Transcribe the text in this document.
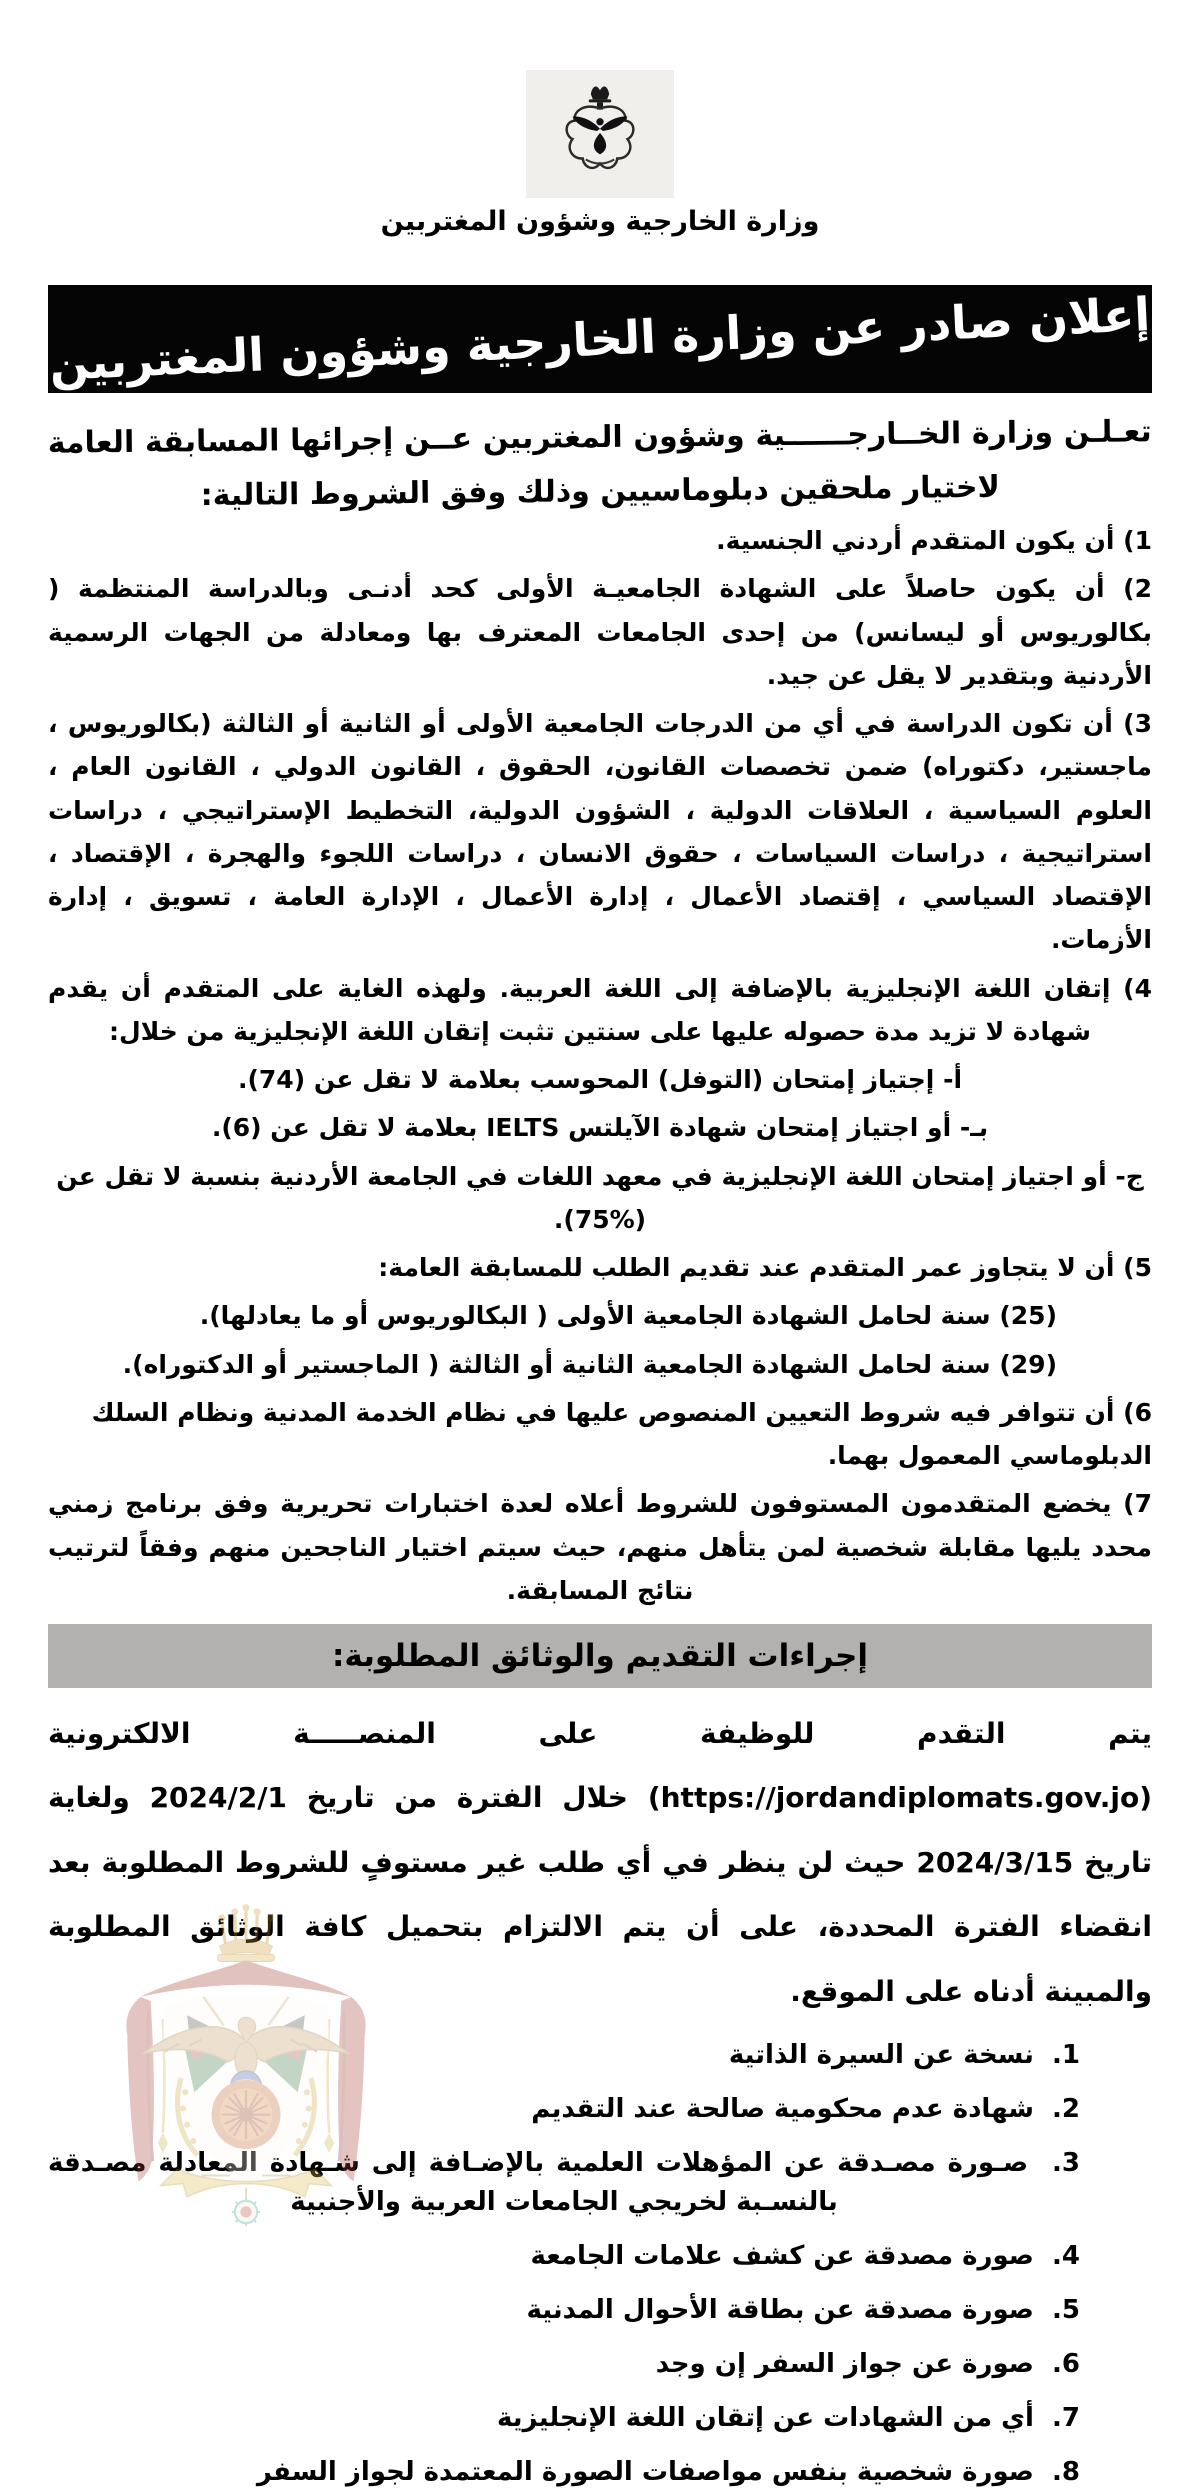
وزارة الخارجية وشؤون المغتربين
إعلان صادر عن وزارة الخارجية وشؤون المغتربين

تعـلـن وزارة الخــارجــــــية وشؤون المغتربين عــن إجرائها المسابقة العامة لاختيار ملحقين دبلوماسيين وذلك وفق الشروط التالية:

1) أن يكون المتقدم أردني الجنسية.

2) أن يكون حاصلاً على الشهادة الجامعيـة الأولى كحد أدنـى وبالدراسة المنتظمة ( بكالوريوس أو ليسانس) من إحدى الجامعات المعترف بها ومعادلة من الجهات الرسمية الأردنية وبتقدير لا يقل عن جيد.

3) أن تكون الدراسة في أي من الدرجات الجامعية الأولى أو الثانية أو الثالثة (بكالوريوس ، ماجستير، دكتوراه) ضمن تخصصات القانون، الحقوق ، القانون الدولي ، القانون العام ، العلوم السياسية ، العلاقات الدولية ، الشؤون الدولية، التخطيط الإستراتيجي ، دراسات استراتيجية ، دراسات السياسات ، حقوق الانسان ، دراسات اللجوء والهجرة ، الإقتصاد ، الإقتصاد السياسي ، إقتصاد الأعمال ، إدارة الأعمال ، الإدارة العامة ، تسويق ، إدارة الأزمات.

4) إتقان اللغة الإنجليزية بالإضافة إلى اللغة العربية. ولهذه الغاية على المتقدم أن يقدم شهادة لا تزيد مدة حصوله عليها على سنتين تثبت إتقان اللغة الإنجليزية من خلال:

أ- إجتياز إمتحان (التوفل) المحوسب بعلامة لا تقل عن (74).

بـ- أو اجتياز إمتحان شهادة الآيلتس IELTS بعلامة لا تقل عن (6).

ج- أو اجتياز إمتحان اللغة الإنجليزية في معهد اللغات في الجامعة الأردنية بنسبة لا تقل عن (%75).

5) أن لا يتجاوز عمر المتقدم عند تقديم الطلب للمسابقة العامة:

(25) سنة لحامل الشهادة الجامعية الأولى ( البكالوريوس أو ما يعادلها).

(29) سنة لحامل الشهادة الجامعية الثانية أو الثالثة ( الماجستير أو الدكتوراه).

6) أن تتوافر فيه شروط التعيين المنصوص عليها في نظام الخدمة المدنية ونظام السلك الدبلوماسي المعمول بهما.

7) يخضع المتقدمون المستوفون للشروط أعلاه لعدة اختبارات تحريرية وفق برنامج زمني محدد يليها مقابلة شخصية لمن يتأهل منهم، حيث سيتم اختيار الناجحين منهم وفقاً لترتيب نتائج المسابقة.

إجراءات التقديم والوثائق المطلوبة:

يتم التقدم للوظيفة على المنصـــــة الالكترونية (https://jordandiplomats.gov.jo) خلال الفترة من تاريخ 2024/2/1 ولغاية تاريخ 2024/3/15 حيث لن ينظر في أي طلب غير مستوفٍ للشروط المطلوبة بعد انقضاء الفترة المحددة، على أن يتم الالتزام بتحميل كافة الوثائق المطلوبة والمبينة أدناه على الموقع.

1.  نسخة عن السيرة الذاتية

2.  شهادة عدم محكومية صالحة عند التقديم

3.  صـورة مصـدقة عن المؤهلات العلمية بالإضـافة إلى شـهادة المعادلة مصـدقة بالنسـبة لخريجي الجامعات العربية والأجنبية

4.  صورة مصدقة عن كشف علامات الجامعة

5.  صورة مصدقة عن بطاقة الأحوال المدنية

6.  صورة عن جواز السفر إن وجد

7.  أي من الشهادات عن إتقان اللغة الإنجليزية

8.  صورة شخصية بنفس مواصفات الصورة المعتمدة لجواز السفر
